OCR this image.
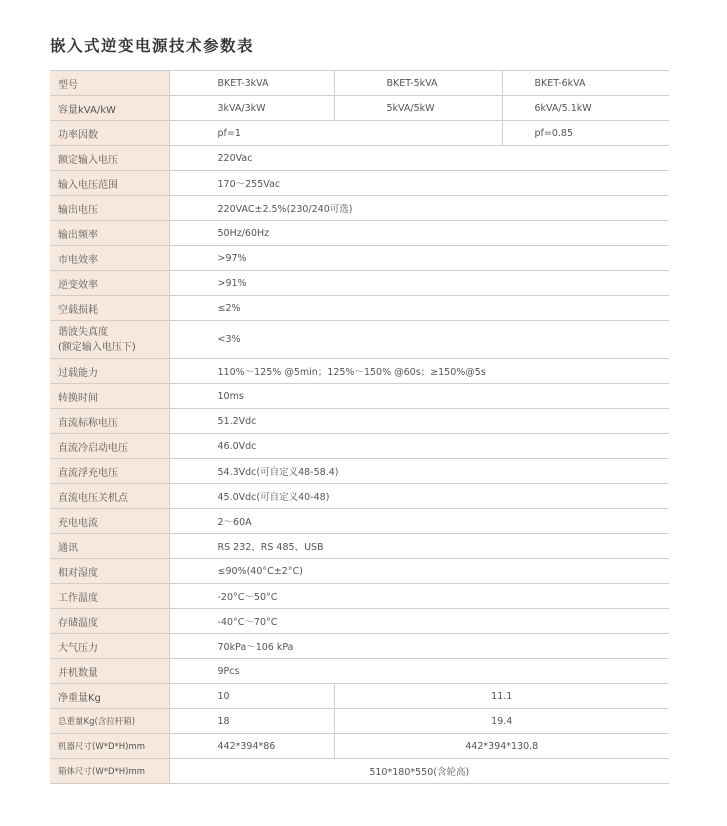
嵌入式逆变电源技术参数表
型号	BKET-3kVA	BKET-5kVA	BKET-6kVA
容量kVA/kW	3kVA/3kW	5kVA/5kW	6kVA/5.1kW
功率因数	pf=1		pf=0.85
额定输入电压	220Vac		
输入电压范围	170～255Vac		
输出电压	220VAC±2.5%(230/240可选)		
输出频率	50Hz/60Hz		
市电效率	>97%		
逆变效率	>91%		
空载损耗	≤2%		
谐波失真度
(额定输入电压下)	<3%		
过载能力	110%～125% @5min；125%～150% @60s；≥150%@5s		
转换时间	10ms		
直流标称电压	51.2Vdc		
直流冷启动电压	46.0Vdc		
直流浮充电压	54.3Vdc(可自定义48-58.4)		
直流电压关机点	45.0Vdc(可自定义40-48)		
充电电流	2～60A		
通讯	RS 232、RS 485、USB		
相对湿度	≤90%(40°C±2°C)		
工作温度	-20°C～50°C		
存储温度	-40°C～70°C		
大气压力	70kPa～106 kPa		
并机数量	9Pcs		
净重量Kg	10	11.1	
总重量Kg(含拉杆箱)	18	19.4	
机器尺寸(W*D*H)mm	442*394*86	442*394*130.8	
箱体尺寸(W*D*H)mm	510*180*550(含轮高)		
